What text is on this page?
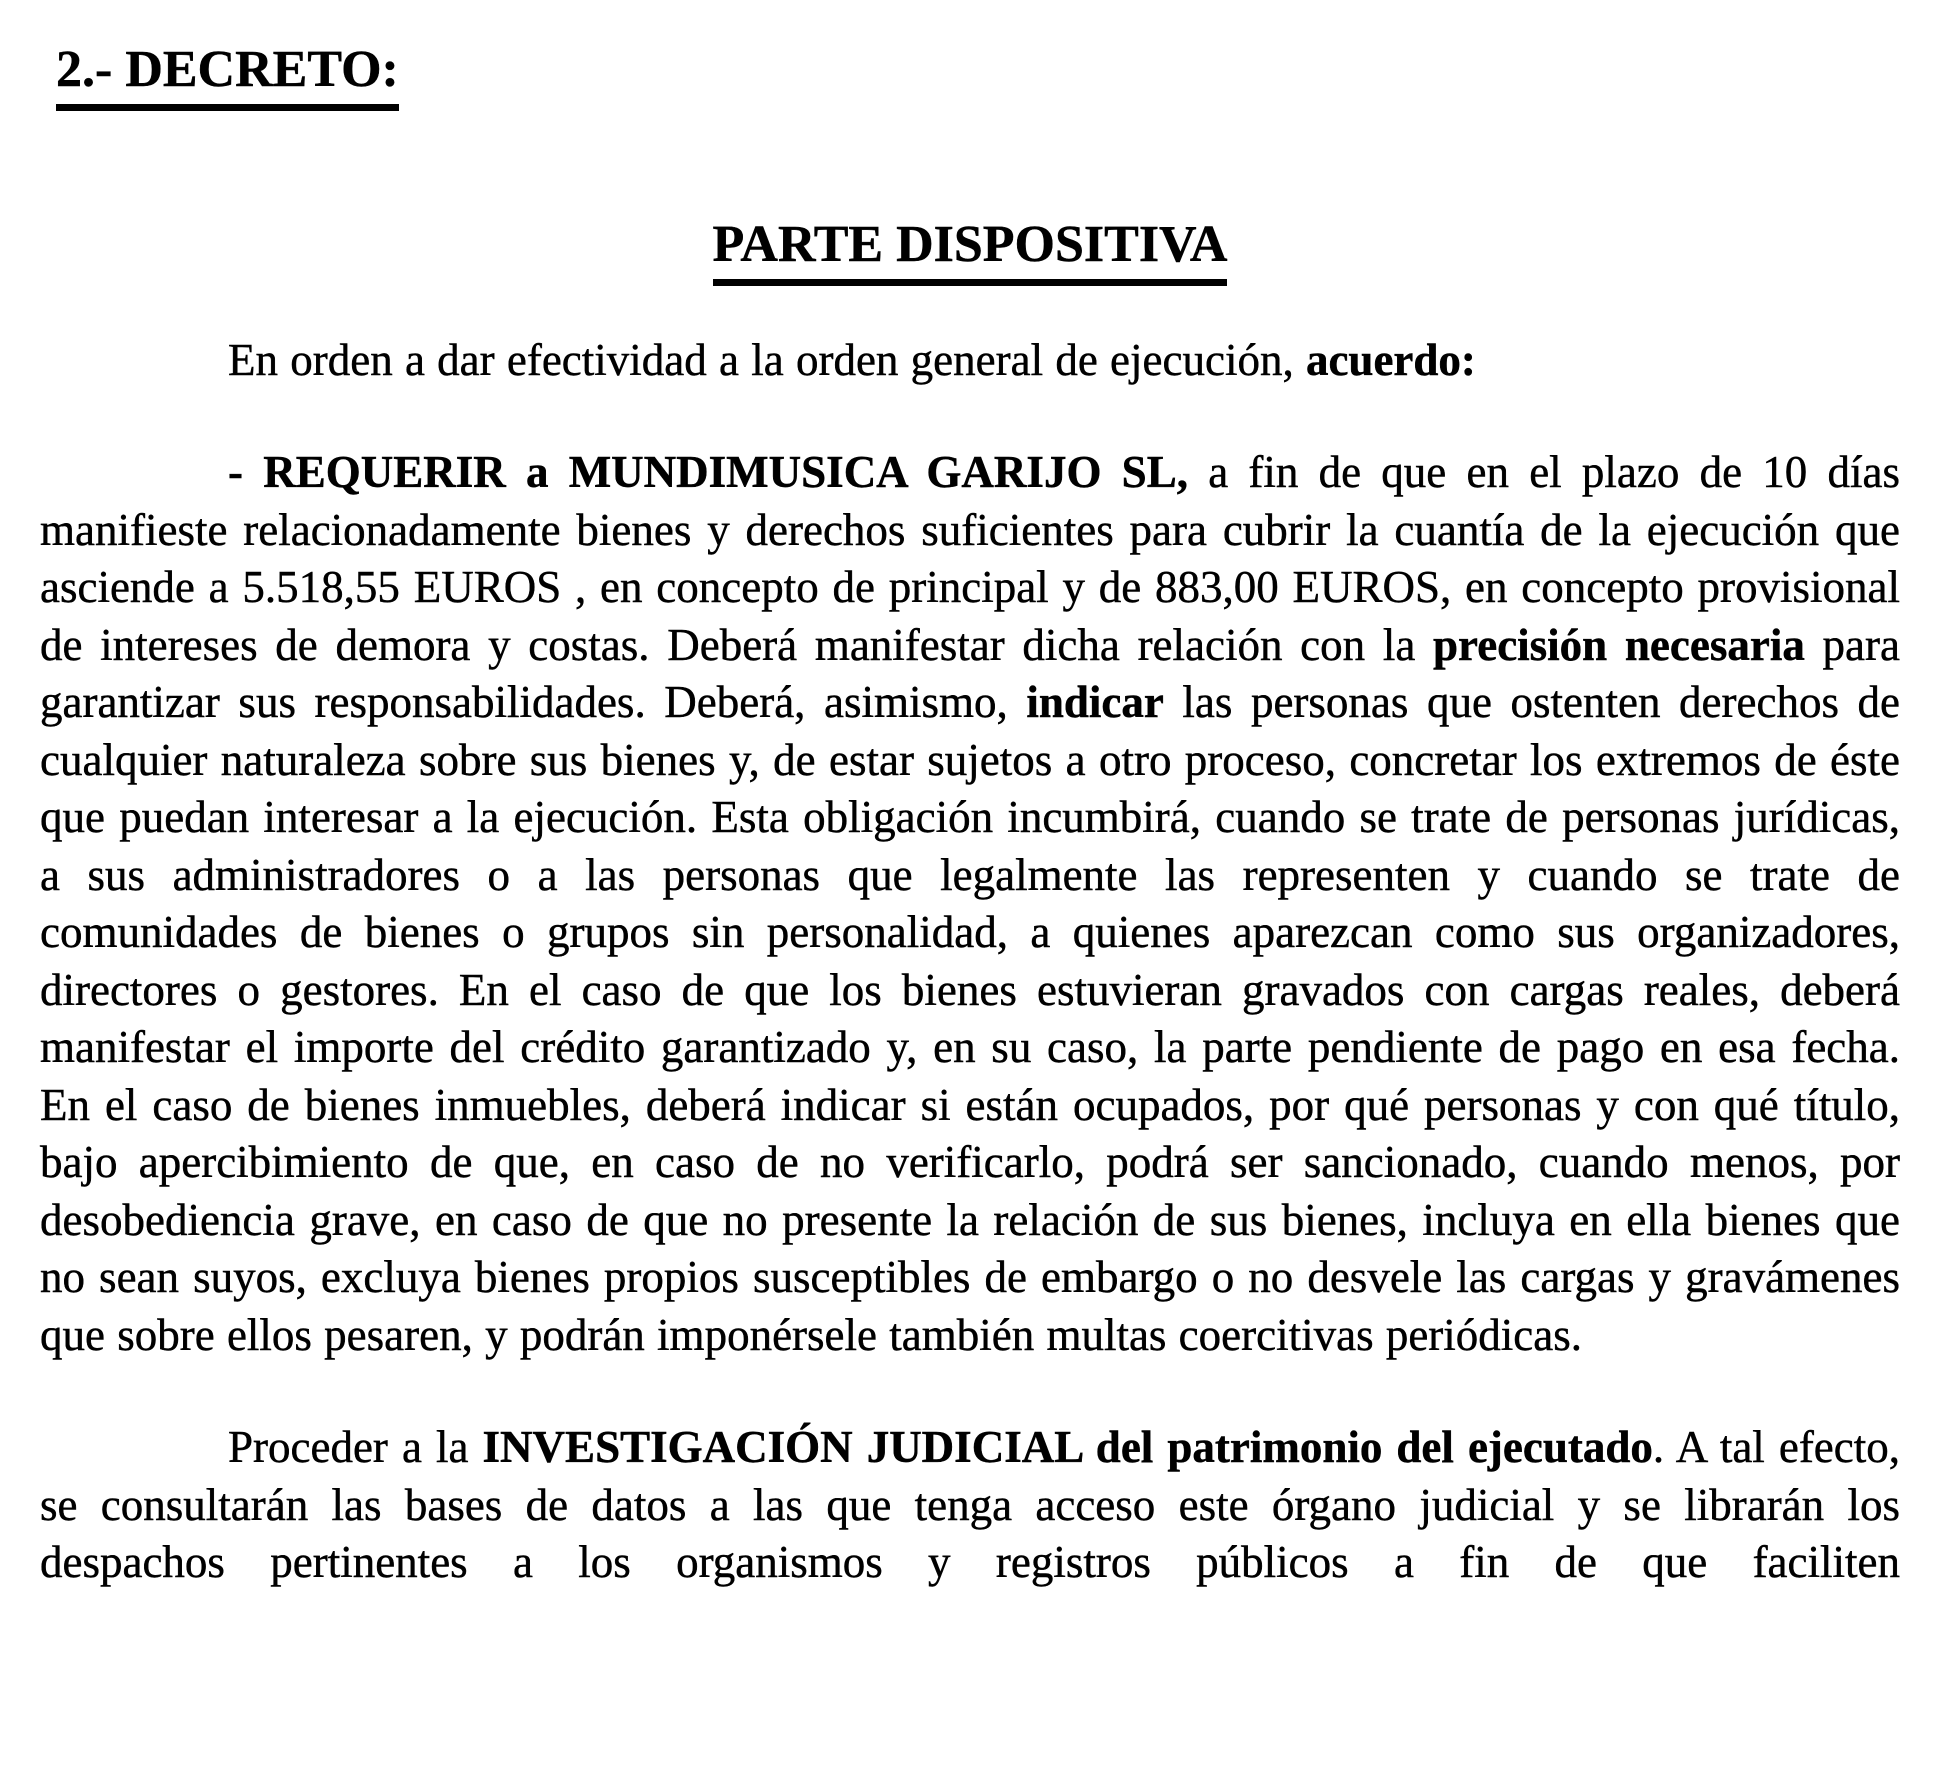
2.- DECRETO:
PARTE DISPOSITIVA

En orden a dar efectividad a la orden general de ejecución, acuerdo:

- REQUERIR a MUNDIMUSICA GARIJO SL, a fin de que en el plazo de 10 días manifieste relacionadamente bienes y derechos suficientes para cubrir la cuantía de la ejecución que asciende a 5.518,55 EUROS , en concepto de principal y de 883,00 EUROS, en concepto provisional de intereses de demora y costas. Deberá manifestar dicha relación con la precisión necesaria para garantizar sus responsabilidades. Deberá, asimismo, indicar las personas que ostenten derechos de cualquier naturaleza sobre sus bienes y, de estar sujetos a otro proceso, concretar los extremos de éste que puedan interesar a la ejecución. Esta obligación incumbirá, cuando se trate de personas jurídicas, a sus administradores o a las personas que legalmente las representen y cuando se trate de comunidades de bienes o grupos sin personalidad, a quienes aparezcan como sus organizadores, directores o gestores. En el caso de que los bienes estuvieran gravados con cargas reales, deberá manifestar el importe del crédito garantizado y, en su caso, la parte pendiente de pago en esa fecha. En el caso de bienes inmuebles, deberá indicar si están ocupados, por qué personas y con qué título, bajo apercibimiento de que, en caso de no verificarlo, podrá ser sancionado, cuando menos, por desobediencia grave, en caso de que no presente la relación de sus bienes, incluya en ella bienes que no sean suyos, excluya bienes propios susceptibles de embargo o no desvele las cargas y gravámenes que sobre ellos pesaren, y podrán imponérsele también multas coercitivas periódicas.

Proceder a la INVESTIGACIÓN JUDICIAL del patrimonio del ejecutado. A tal efecto, se consultarán las bases de datos a las que tenga acceso este órgano judicial y se librarán los despachos pertinentes a los organismos y registros públicos a fin de que faciliten
